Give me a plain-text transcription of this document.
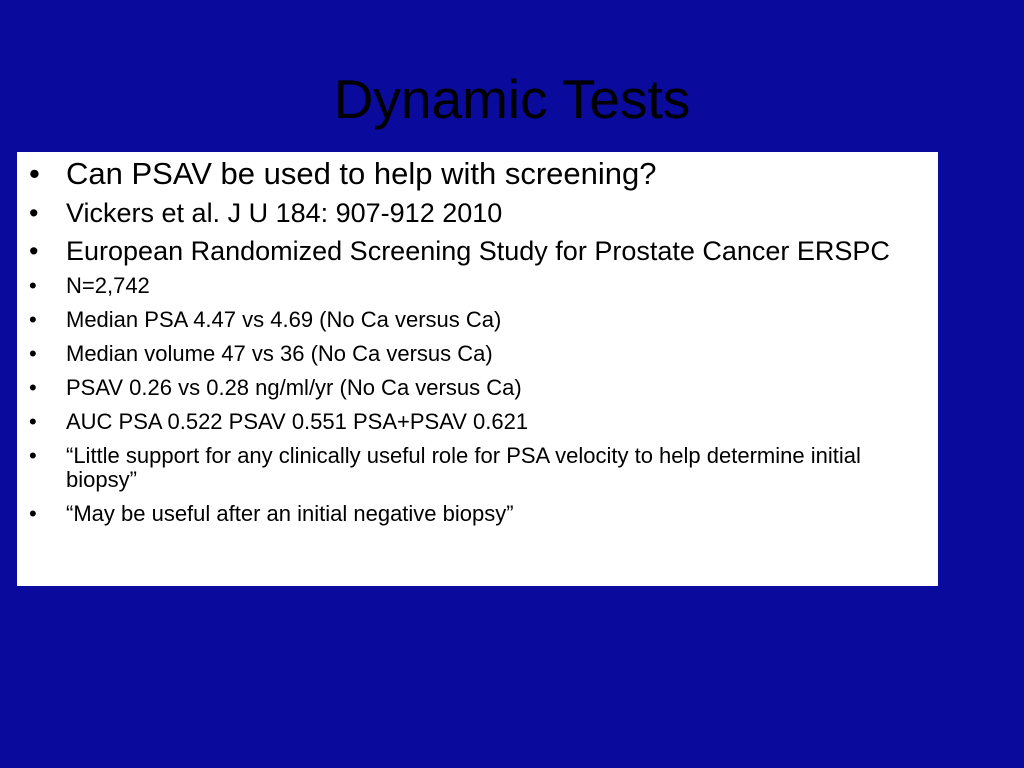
Dynamic Tests
• Can PSAV be used to help with screening?
• Vickers et al. J U 184: 907-912 2010
• European Randomized Screening Study for Prostate Cancer ERSPC
• N=2,742
• Median PSA 4.47 vs 4.69 (No Ca versus Ca)
• Median volume 47 vs 36 (No Ca versus Ca)
• PSAV 0.26 vs 0.28 ng/ml/yr (No Ca versus Ca)
• AUC PSA 0.522 PSAV 0.551 PSA+PSAV 0.621
• “Little support for any clinically useful role for PSA velocity to help determine initial biopsy”
• “May be useful after an initial negative biopsy”
